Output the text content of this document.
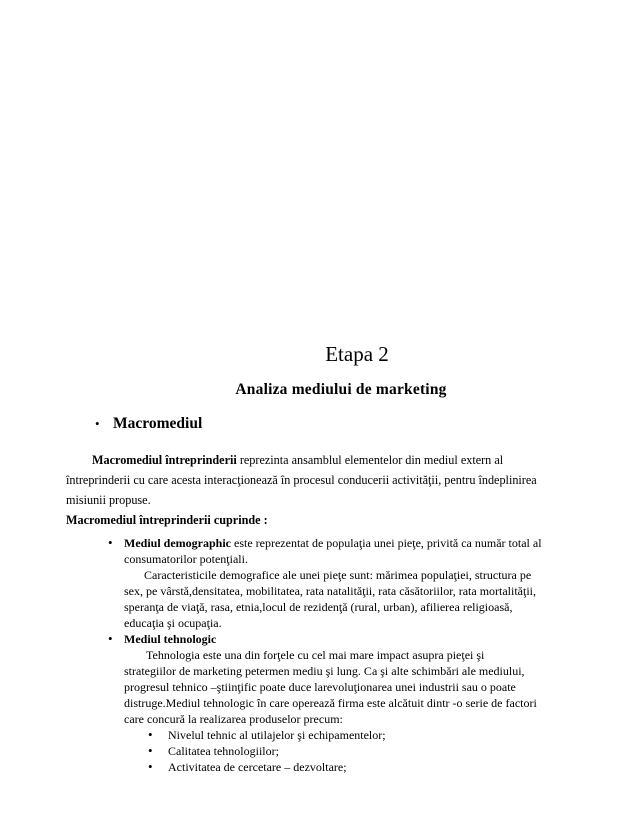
Etapa 2
Analiza mediului de marketing
• Macromediul
Macromediul întreprinderii reprezinta ansamblul elementelor din mediul extern al
întreprinderii cu care acesta interacţionează în procesul conducerii activităţii, pentru îndeplinirea
misiunii propuse.
Macromediul întreprinderii cuprinde :
• Mediul demographic este reprezentat de populaţia unei pieţe, privită ca număr total al
consumatorilor potenţiali.
Caracteristicile demografice ale unei pieţe sunt: mărimea populaţiei, structura pe
sex, pe vârstă,densitatea, mobilitatea, rata natalităţii, rata căsătoriilor, rata mortalităţii,
speranţa de viaţă, rasa, etnia,locul de rezidenţă (rural, urban), afilierea religioasă,
educaţia şi ocupaţia.
• Mediul tehnologic
Tehnologia este una din forţele cu cel mai mare impact asupra pieţei şi
strategiilor de marketing petermen mediu şi lung. Ca şi alte schimbări ale mediului,
progresul tehnico –ştiinţific poate duce larevoluţionarea unei industrii sau o poate
distruge.Mediul tehnologic în care operează firma este alcătuit dintr -o serie de factori
care concură la realizarea produselor precum:
• Nivelul tehnic al utilajelor şi echipamentelor;
• Calitatea tehnologiilor;
• Activitatea de cercetare – dezvoltare;
